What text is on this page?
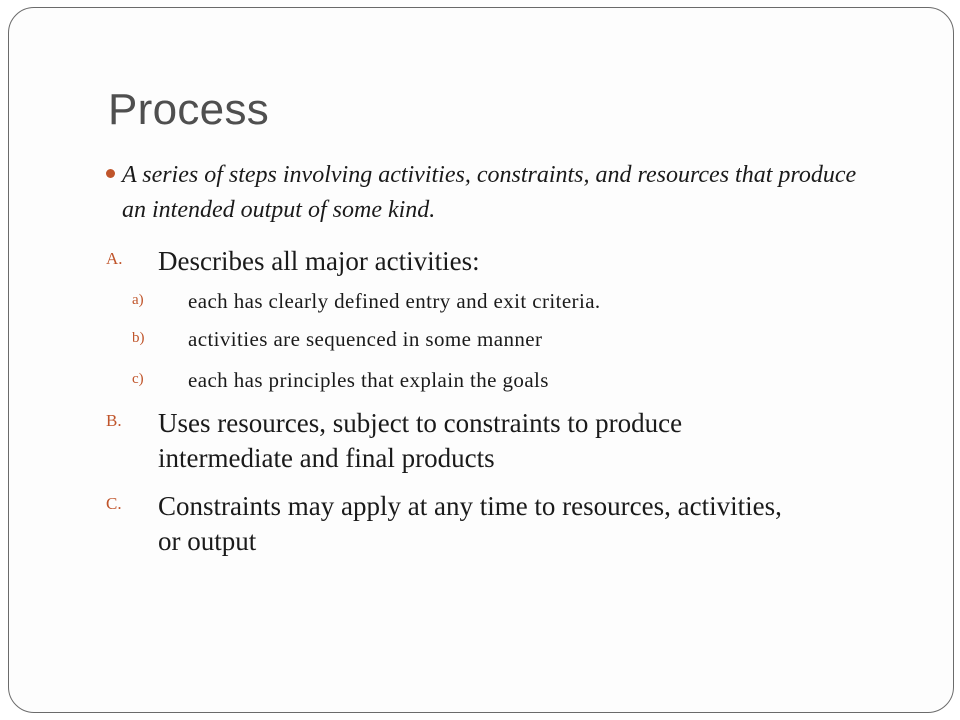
Process
A series of steps involving activities, constraints, and resources that produce an intended output of some kind.
A. Describes all major activities:
a) each has clearly defined entry and exit criteria.
b) activities are sequenced in some manner
c) each has principles that explain the goals
B. Uses resources, subject to constraints to produce
intermediate and final products
C. Constraints may apply at any time to resources, activities,
or output
